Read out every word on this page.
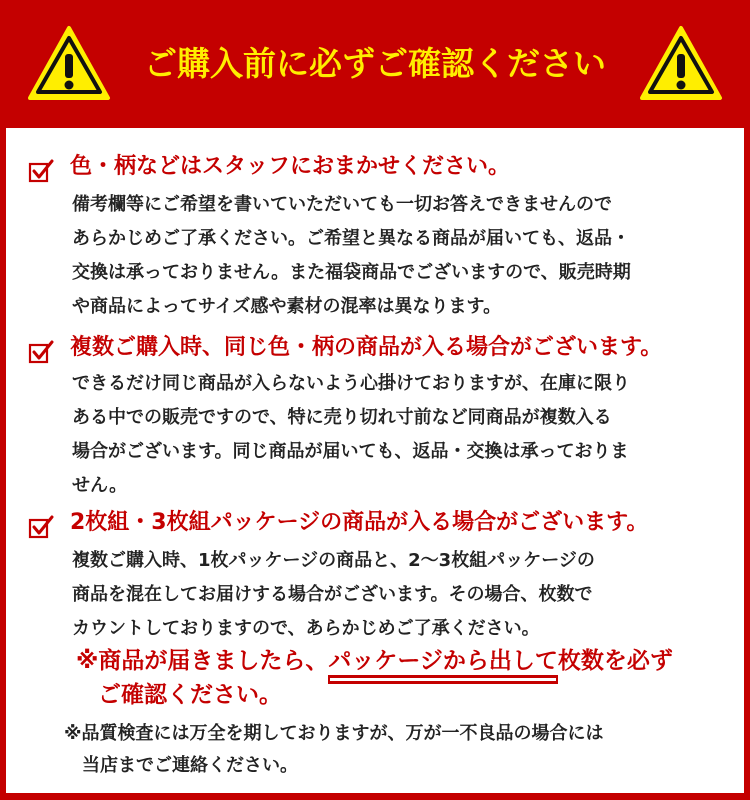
ご購入前に必ずご確認ください
色・柄などはスタッフにおまかせください。
備考欄等にご希望を書いていただいても一切お答えできませんので
あらかじめご了承ください。ご希望と異なる商品が届いても、返品・
交換は承っておりません。また福袋商品でございますので、販売時期
や商品によってサイズ感や素材の混率は異なります。
複数ご購入時、同じ色・柄の商品が入る場合がございます。
できるだけ同じ商品が入らないよう心掛けておりますが、在庫に限り
ある中での販売ですので、特に売り切れ寸前など同商品が複数入る
場合がございます。同じ商品が届いても、返品・交換は承っておりま
せん。
2枚組・3枚組パッケージの商品が入る場合がございます。
複数ご購入時、1枚パッケージの商品と、2〜3枚組パッケージの
商品を混在してお届けする場合がございます。その場合、枚数で
カウントしておりますので、あらかじめご了承ください。
※商品が届きましたら、パッケージから出して枚数を必ず
ご確認ください。
※品質検査には万全を期しておりますが、万が一不良品の場合には
当店までご連絡ください。
